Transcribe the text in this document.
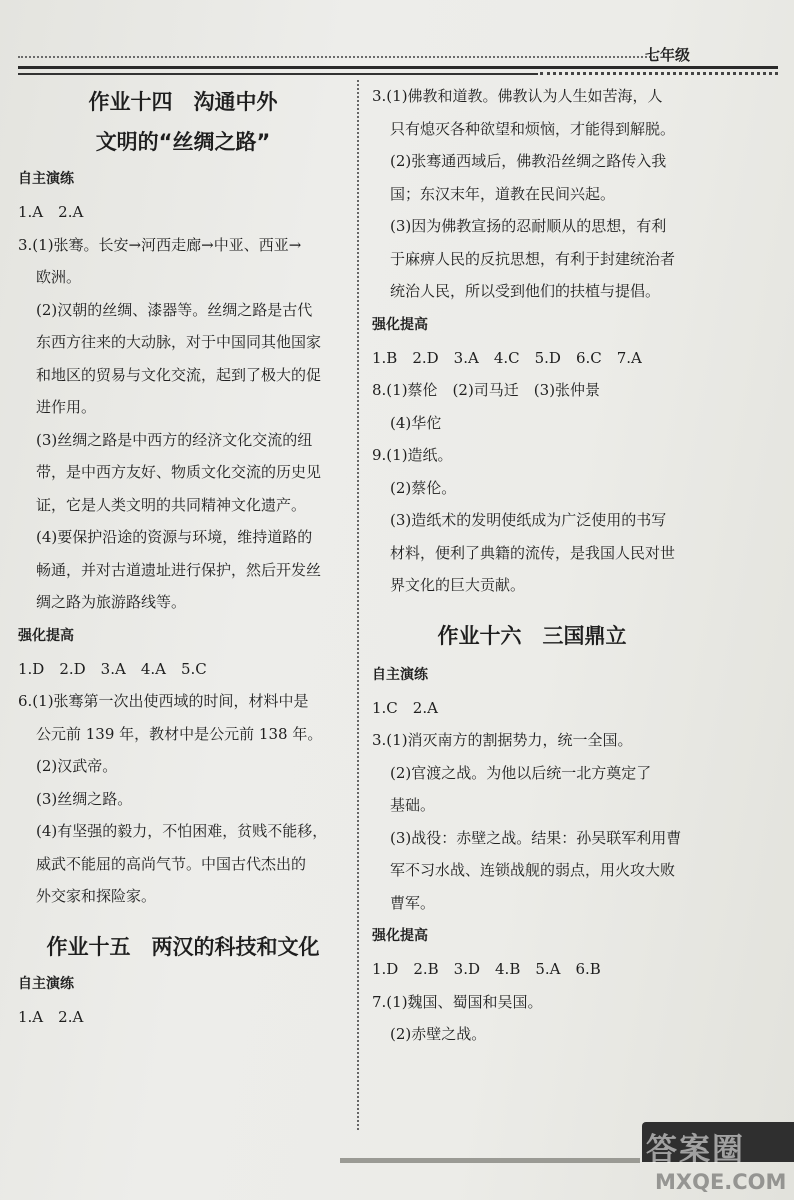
七年级

作业十四　沟通中外

文明的“丝绸之路”

自主演练

1.A　2.A

3.(1)张骞。长安→河西走廊→中亚、西亚→

欧洲。

(2)汉朝的丝绸、漆器等。丝绸之路是古代

东西方往来的大动脉，对于中国同其他国家

和地区的贸易与文化交流，起到了极大的促

进作用。

(3)丝绸之路是中西方的经济文化交流的纽

带，是中西方友好、物质文化交流的历史见

证，它是人类文明的共同精神文化遗产。

(4)要保护沿途的资源与环境，维持道路的

畅通，并对古道遗址进行保护，然后开发丝

绸之路为旅游路线等。

强化提高

1.D　2.D　3.A　4.A　5.C

6.(1)张骞第一次出使西域的时间，材料中是

公元前 139 年，教材中是公元前 138 年。

(2)汉武帝。

(3)丝绸之路。

(4)有坚强的毅力，不怕困难，贫贱不能移，

威武不能屈的高尚气节。中国古代杰出的

外交家和探险家。

作业十五　两汉的科技和文化

自主演练

1.A　2.A

3.(1)佛教和道教。佛教认为人生如苦海，人

只有熄灭各种欲望和烦恼，才能得到解脱。

(2)张骞通西域后，佛教沿丝绸之路传入我

国；东汉末年，道教在民间兴起。

(3)因为佛教宣扬的忍耐顺从的思想，有利

于麻痹人民的反抗思想，有利于封建统治者

统治人民，所以受到他们的扶植与提倡。

强化提高

1.B　2.D　3.A　4.C　5.D　6.C　7.A

8.(1)蔡伦　(2)司马迁　(3)张仲景

(4)华佗

9.(1)造纸。

(2)蔡伦。

(3)造纸术的发明使纸成为广泛使用的书写

材料，便利了典籍的流传，是我国人民对世

界文化的巨大贡献。

作业十六　三国鼎立

自主演练

1.C　2.A

3.(1)消灭南方的割据势力，统一全国。

(2)官渡之战。为他以后统一北方奠定了

基础。

(3)战役：赤壁之战。结果：孙吴联军利用曹

军不习水战、连锁战舰的弱点，用火攻大败

曹军。

强化提高

1.D　2.B　3.D　4.B　5.A　6.B

7.(1)魏国、蜀国和吴国。

(2)赤壁之战。

答案圈
MXQE.COM
